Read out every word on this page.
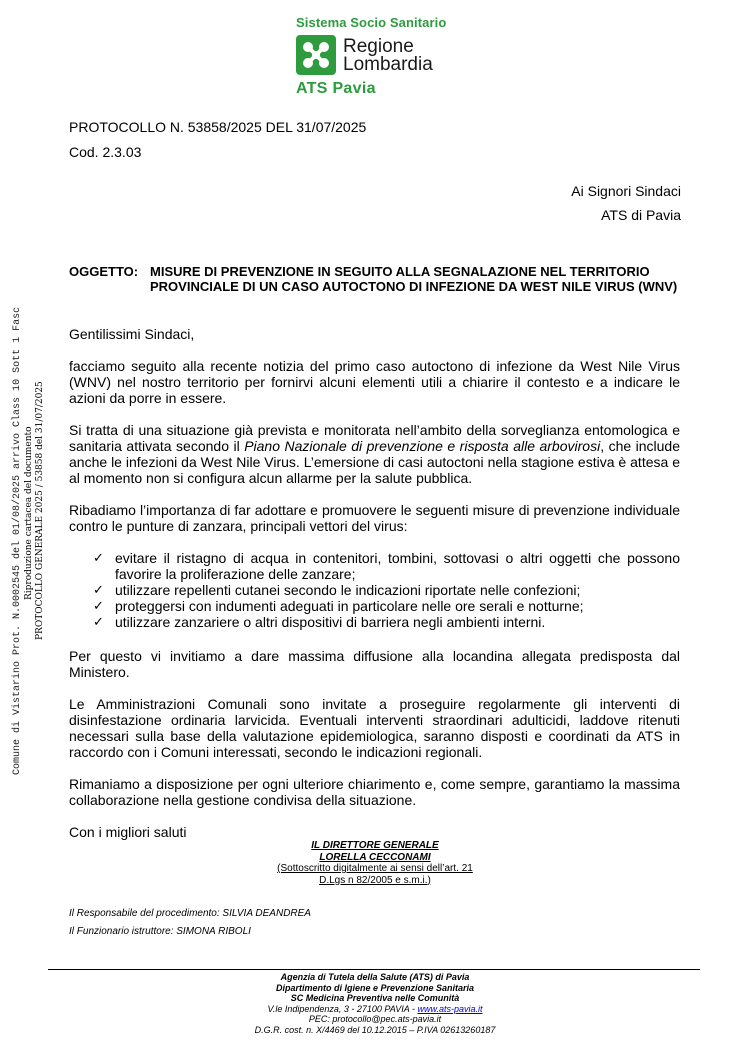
Comune di Vistarino Prot. N.0002545 del 01/08/2025 arrivo Class 10 Sott 1 Fasc Riproduzione cartacea del documento PROTOCOLLO GENERALE 2025 / 53858 del 31/07/2025
Sistema Socio Sanitario
Regione
Lombardia
ATS Pavia
PROTOCOLLO N. 53858/2025 DEL 31/07/2025
Cod. 2.3.03
Ai Signori Sindaci
ATS di Pavia
OGGETTO: MISURE DI PREVENZIONE IN SEGUITO ALLA SEGNALAZIONE NEL TERRITORIO PROVINCIALE DI UN CASO AUTOCTONO DI INFEZIONE DA WEST NILE VIRUS (WNV)
Gentilissimi Sindaci,
facciamo seguito alla recente notizia del primo caso autoctono di infezione da West Nile Virus (WNV) nel nostro territorio per fornirvi alcuni elementi utili a chiarire il contesto e a indicare le azioni da porre in essere.
Si tratta di una situazione già prevista e monitorata nell’ambito della sorveglianza entomologica e sanitaria attivata secondo il Piano Nazionale di prevenzione e risposta alle arbovirosi, che include anche le infezioni da West Nile Virus. L’emersione di casi autoctoni nella stagione estiva è attesa e al momento non si configura alcun allarme per la salute pubblica.
Ribadiamo l’importanza di far adottare e promuovere le seguenti misure di prevenzione individuale contro le punture di zanzara, principali vettori del virus:
✓ evitare il ristagno di acqua in contenitori, tombini, sottovasi o altri oggetti che possono favorire la proliferazione delle zanzare;
✓ utilizzare repellenti cutanei secondo le indicazioni riportate nelle confezioni;
✓ proteggersi con indumenti adeguati in particolare nelle ore serali e notturne;
✓ utilizzare zanzariere o altri dispositivi di barriera negli ambienti interni.
Per questo vi invitiamo a dare massima diffusione alla locandina allegata predisposta dal Ministero.
Le Amministrazioni Comunali sono invitate a proseguire regolarmente gli interventi di disinfestazione ordinaria larvicida. Eventuali interventi straordinari adulticidi, laddove ritenuti necessari sulla base della valutazione epidemiologica, saranno disposti e coordinati da ATS in raccordo con i Comuni interessati, secondo le indicazioni regionali.
Rimaniamo a disposizione per ogni ulteriore chiarimento e, come sempre, garantiamo la massima collaborazione nella gestione condivisa della situazione.
Con i migliori saluti
IL DIRETTORE GENERALE
LORELLA CECCONAMI
(Sottoscritto digitalmente ai sensi dell’art. 21
D.Lgs n 82/2005 e s.m.i.)
Il Responsabile del procedimento: SILVIA DEANDREA
Il Funzionario istruttore: SIMONA RIBOLI
Agenzia di Tutela della Salute (ATS) di Pavia
Dipartimento di Igiene e Prevenzione Sanitaria
SC Medicina Preventiva nelle Comunità
V.le Indipendenza, 3 - 27100 PAVIA - www.ats-pavia.it
PEC: protocollo@pec.ats-pavia.it
D.G.R. cost. n. X/4469 del 10.12.2015 – P.IVA 02613260187
